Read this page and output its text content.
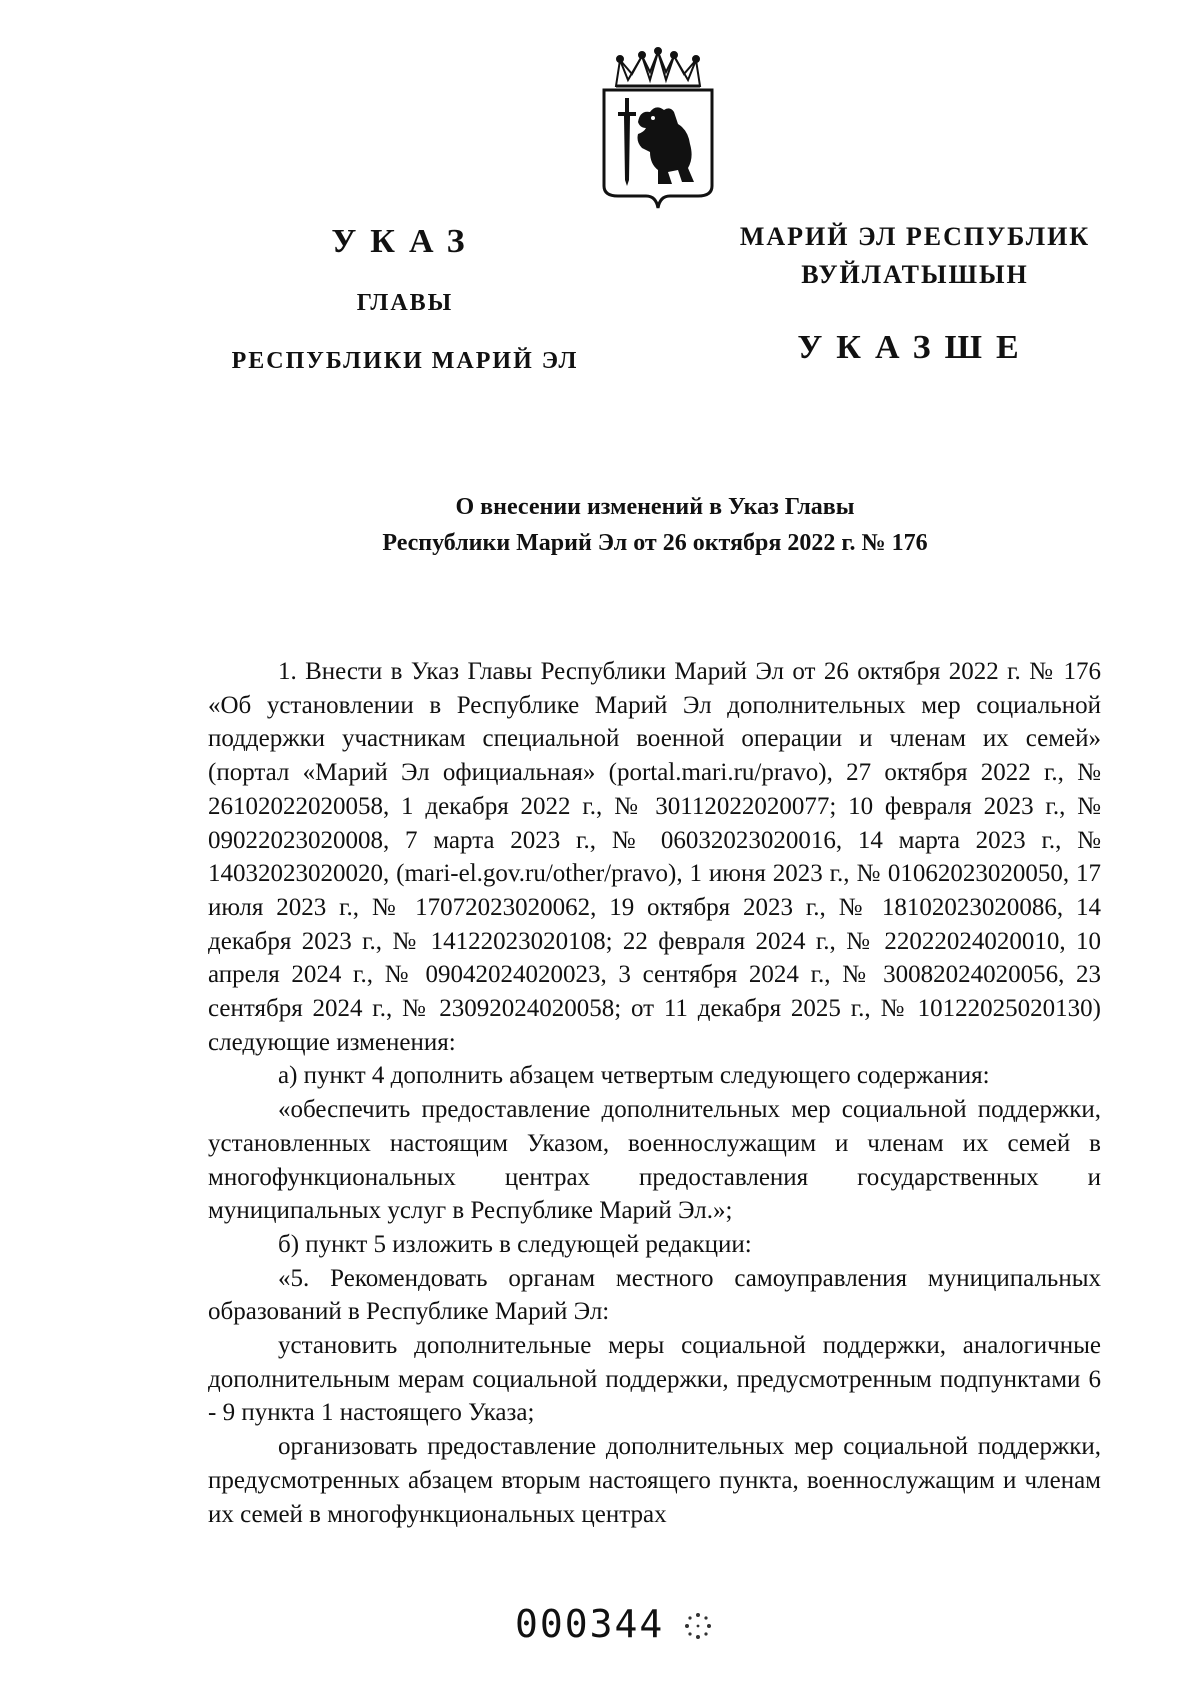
УКАЗ
ГЛАВЫ
РЕСПУБЛИКИ МАРИЙ ЭЛ
МАРИЙ ЭЛ РЕСПУБЛИК
ВУЙЛАТЫШЫН
УКАЗШЕ
О внесении изменений в Указ Главы
Республики Марий Эл от 26 октября 2022 г. № 176

1. Внести в Указ Главы Республики Марий Эл от 26 октября 2022 г. № 176 «Об установлении в Республике Марий Эл дополнительных мер социальной поддержки участникам специальной военной операции и членам их семей» (портал «Марий Эл официальная» (portal.mari.ru/pravo), 27 октября 2022 г., № 26102022020058, 1 декабря 2022 г., № 30112022020077; 10 февраля 2023 г., № 09022023020008, 7 марта 2023 г., № 06032023020016, 14 марта 2023 г., № 14032023020020, (mari-el.gov.ru/other/pravo), 1 июня 2023 г., № 01062023020050, 17 июля 2023 г., № 17072023020062, 19 октября 2023 г., № 18102023020086, 14 декабря 2023 г., № 14122023020108; 22 февраля 2024 г., № 22022024020010, 10 апреля 2024 г., № 09042024020023, 3 сентября 2024 г., № 30082024020056, 23 сентября 2024 г., № 23092024020058; от 11 декабря 2025 г., № 10122025020130) следующие изменения:

а) пункт 4 дополнить абзацем четвертым следующего содержания:

«обеспечить предоставление дополнительных мер социальной поддержки, установленных настоящим Указом, военнослужащим и членам их семей в многофункциональных центрах предоставления государственных и муниципальных услуг в Республике Марий Эл.»;

б) пункт 5 изложить в следующей редакции:

«5. Рекомендовать органам местного самоуправления муниципальных образований в Республике Марий Эл:

установить дополнительные меры социальной поддержки, аналогичные дополнительным мерам социальной поддержки, предусмотренным подпунктами 6 - 9 пункта 1 настоящего Указа;

организовать предоставление дополнительных мер социальной поддержки, предусмотренных абзацем вторым настоящего пункта, военнослужащим и членам их семей в многофункциональных центрах

000344
